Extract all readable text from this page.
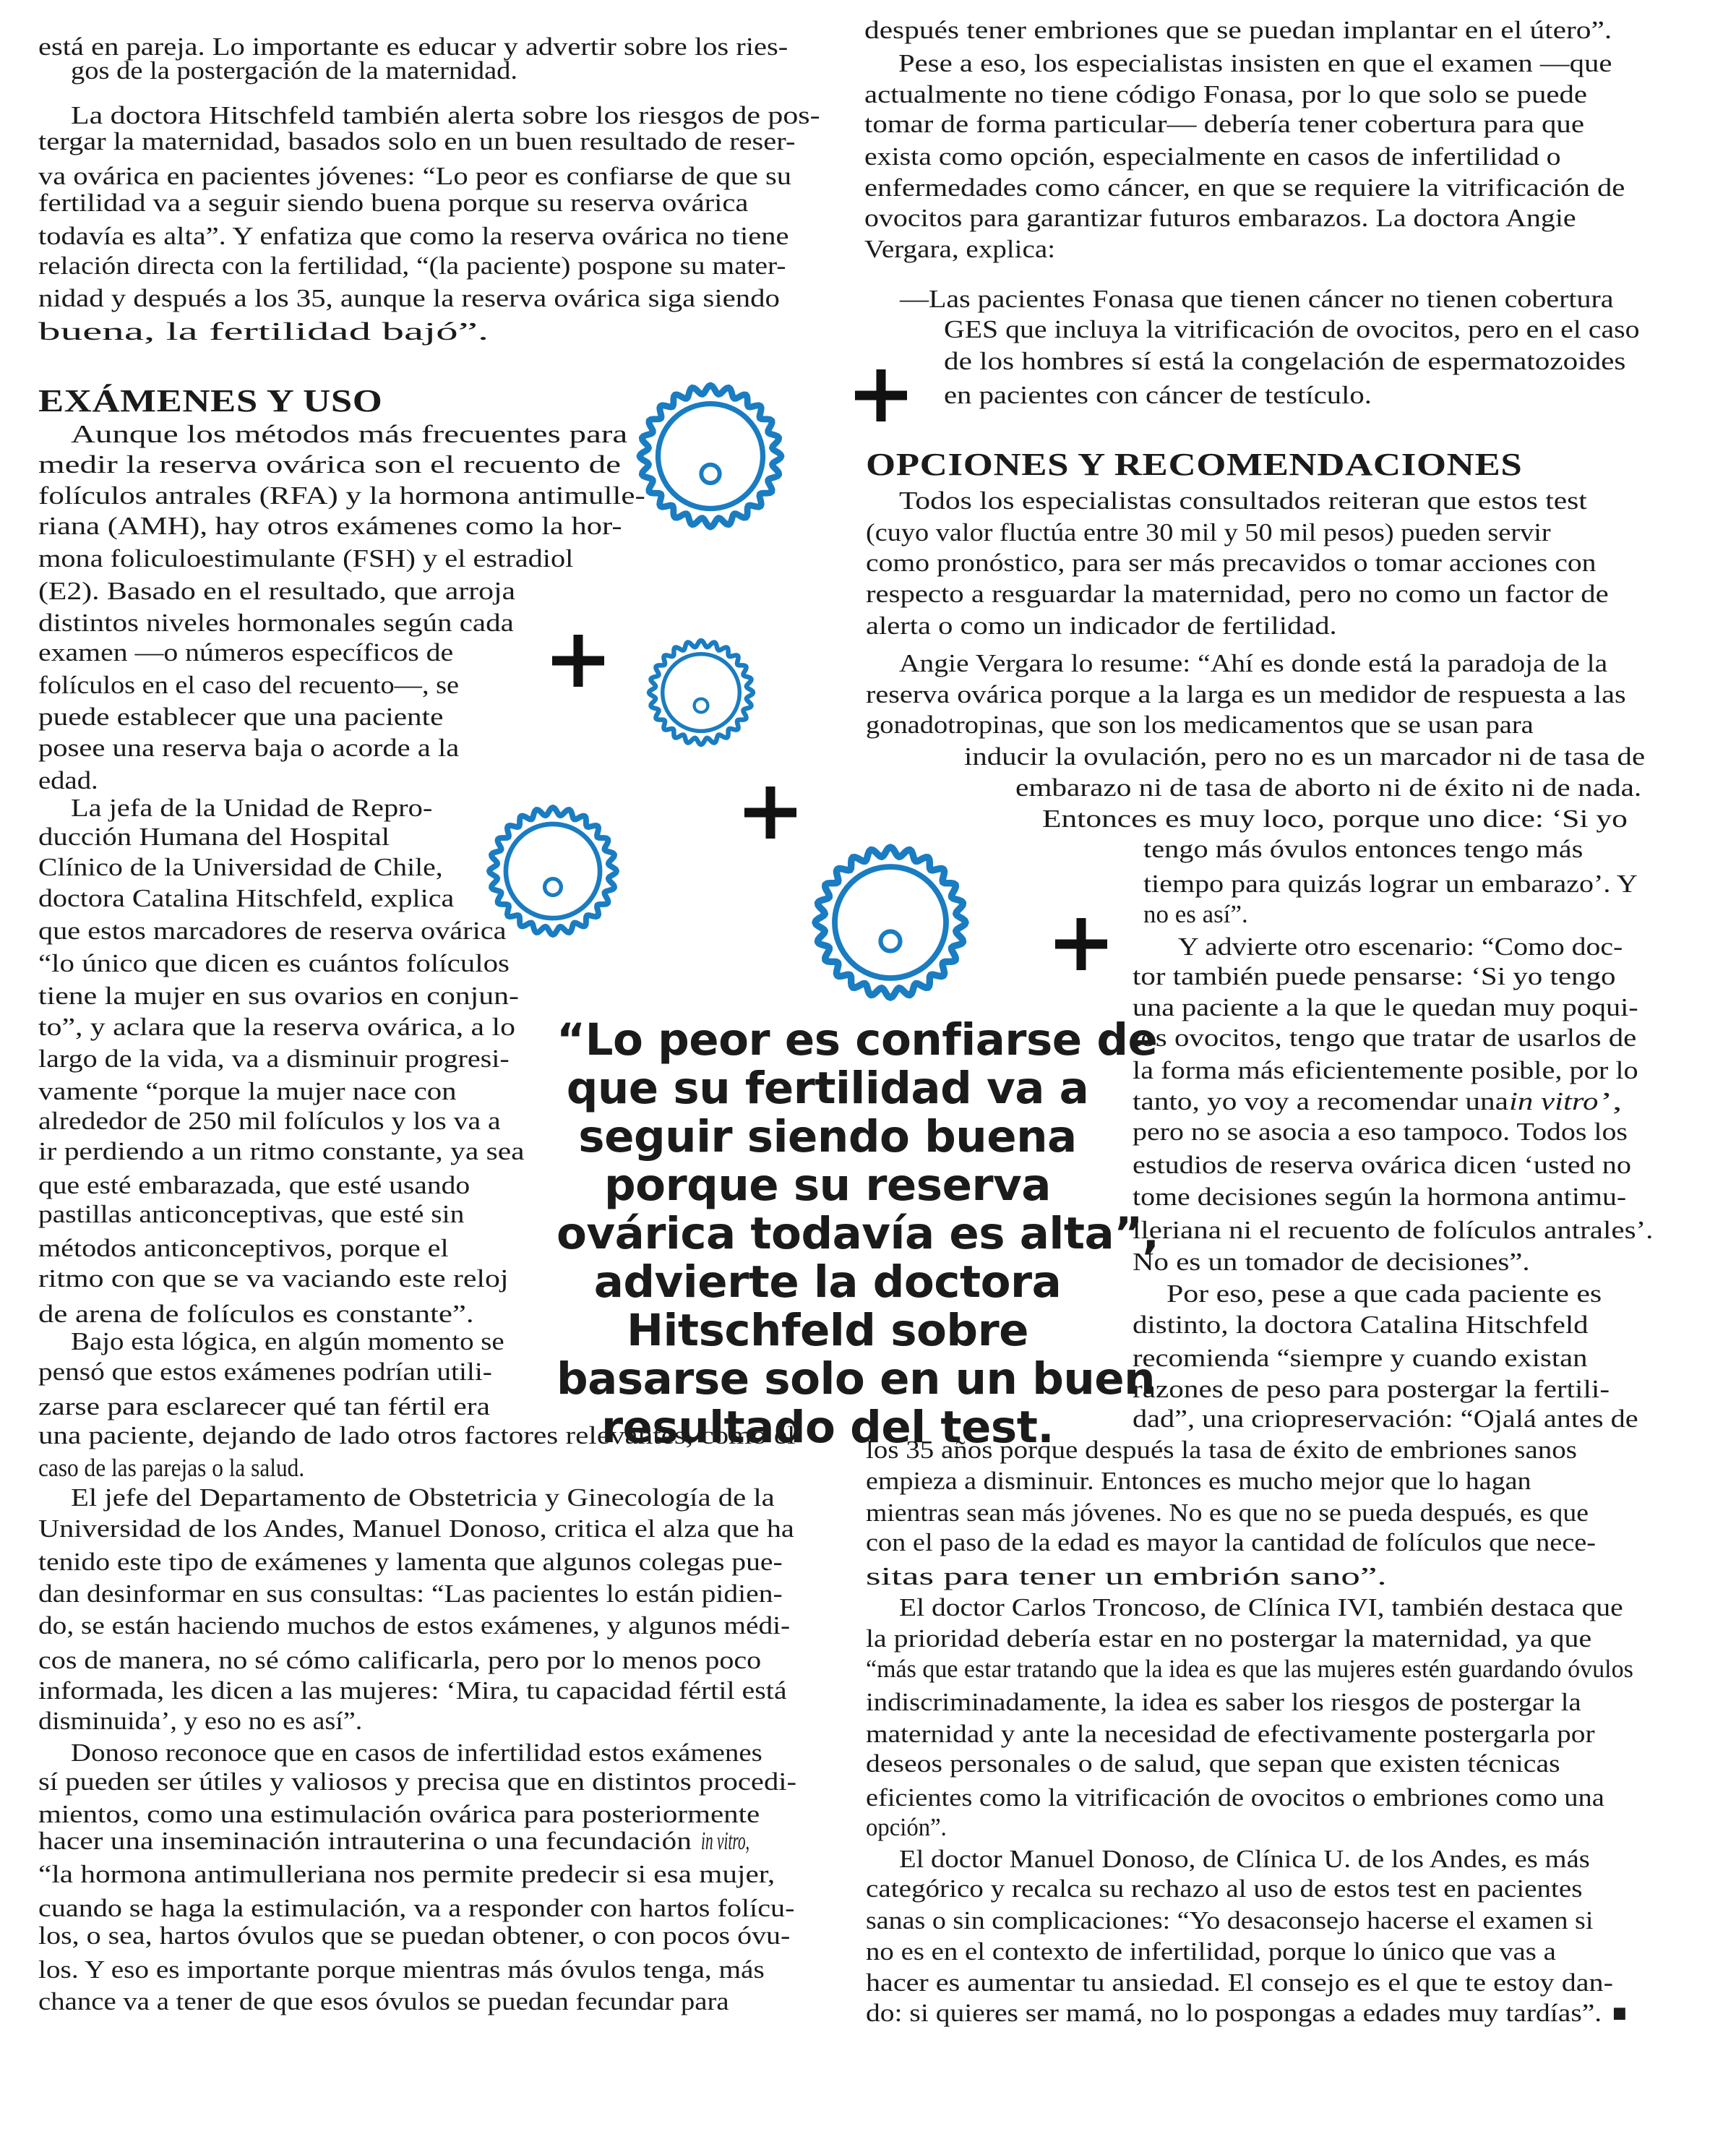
EXÁMENES Y USO
OPCIONES Y RECOMENDACIONES

está en pareja. Lo importante es educar y advertir sobre los ries-

gos de la postergación de la maternidad.

La doctora Hitschfeld también alerta sobre los riesgos de pos-

tergar la maternidad, basados solo en un buen resultado de reser-

va ovárica en pacientes jóvenes: “Lo peor es confiarse de que su

fertilidad va a seguir siendo buena porque su reserva ovárica

todavía es alta”. Y enfatiza que como la reserva ovárica no tiene

relación directa con la fertilidad, “(la paciente) pospone su mater-

nidad y después a los 35, aunque la reserva ovárica siga siendo

buena, la fertilidad bajó”.

Aunque los métodos más frecuentes para

medir la reserva ovárica son el recuento de

folículos antrales (RFA) y la hormona antimulle-

riana (AMH), hay otros exámenes como la hor-

mona foliculoestimulante (FSH) y el estradiol

(E2). Basado en el resultado, que arroja

distintos niveles hormonales según cada

examen —o números específicos de

folículos en el caso del recuento—, se

puede establecer que una paciente

posee una reserva baja o acorde a la

edad.

La jefa de la Unidad de Repro-

ducción Humana del Hospital

Clínico de la Universidad de Chile,

doctora Catalina Hitschfeld, explica

que estos marcadores de reserva ovárica

“lo único que dicen es cuántos folículos

tiene la mujer en sus ovarios en conjun-

to”, y aclara que la reserva ovárica, a lo

largo de la vida, va a disminuir progresi-

vamente “porque la mujer nace con

alrededor de 250 mil folículos y los va a

ir perdiendo a un ritmo constante, ya sea

que esté embarazada, que esté usando

pastillas anticonceptivas, que esté sin

métodos anticonceptivos, porque el

ritmo con que se va vaciando este reloj

de arena de folículos es constante”.

Bajo esta lógica, en algún momento se

pensó que estos exámenes podrían utili-

zarse para esclarecer qué tan fértil era

una paciente, dejando de lado otros factores relevantes, como el

caso de las parejas o la salud.

El jefe del Departamento de Obstetricia y Ginecología de la

Universidad de los Andes, Manuel Donoso, critica el alza que ha

tenido este tipo de exámenes y lamenta que algunos colegas pue-

dan desinformar en sus consultas: “Las pacientes lo están pidien-

do, se están haciendo muchos de estos exámenes, y algunos médi-

cos de manera, no sé cómo calificarla, pero por lo menos poco

informada, les dicen a las mujeres: ‘Mira, tu capacidad fértil está

disminuida’, y eso no es así”.

Donoso reconoce que en casos de infertilidad estos exámenes

sí pueden ser útiles y valiosos y precisa que en distintos procedi-

mientos, como una estimulación ovárica para posteriormente

hacer una inseminación intrauterina o una fecundación in vitro,

“la hormona antimulleriana nos permite predecir si esa mujer,

cuando se haga la estimulación, va a responder con hartos folícu-

los, o sea, hartos óvulos que se puedan obtener, o con pocos óvu-

los. Y eso es importante porque mientras más óvulos tenga, más

chance va a tener de que esos óvulos se puedan fecundar para

después tener embriones que se puedan implantar en el útero”.

Pese a eso, los especialistas insisten en que el examen —que

actualmente no tiene código Fonasa, por lo que solo se puede

tomar de forma particular— debería tener cobertura para que

exista como opción, especialmente en casos de infertilidad o

enfermedades como cáncer, en que se requiere la vitrificación de

ovocitos para garantizar futuros embarazos. La doctora Angie

Vergara, explica:

—Las pacientes Fonasa que tienen cáncer no tienen cobertura

GES que incluya la vitrificación de ovocitos, pero en el caso

de los hombres sí está la congelación de espermatozoides

en pacientes con cáncer de testículo.

Todos los especialistas consultados reiteran que estos test

(cuyo valor fluctúa entre 30 mil y 50 mil pesos) pueden servir

como pronóstico, para ser más precavidos o tomar acciones con

respecto a resguardar la maternidad, pero no como un factor de

alerta o como un indicador de fertilidad.

Angie Vergara lo resume: “Ahí es donde está la paradoja de la

reserva ovárica porque a la larga es un medidor de respuesta a las

gonadotropinas, que son los medicamentos que se usan para

inducir la ovulación, pero no es un marcador ni de tasa de

embarazo ni de tasa de aborto ni de éxito ni de nada.

Entonces es muy loco, porque uno dice: ‘Si yo

tengo más óvulos entonces tengo más

tiempo para quizás lograr un embarazo’. Y

no es así”.

Y advierte otro escenario: “Como doc-

tor también puede pensarse: ‘Si yo tengo

una paciente a la que le quedan muy poqui-

tos ovocitos, tengo que tratar de usarlos de

la forma más eficientemente posible, por lo

tanto, yo voy a recomendar una in vitro ’,

pero no se asocia a eso tampoco. Todos los

estudios de reserva ovárica dicen ‘usted no

tome decisiones según la hormona antimu-

lleriana ni el recuento de folículos antrales’.

No es un tomador de decisiones”.

Por eso, pese a que cada paciente es

distinto, la doctora Catalina Hitschfeld

recomienda “siempre y cuando existan

razones de peso para postergar la fertili-

dad”, una criopreservación: “Ojalá antes de

los 35 años porque después la tasa de éxito de embriones sanos

empieza a disminuir. Entonces es mucho mejor que lo hagan

mientras sean más jóvenes. No es que no se pueda después, es que

con el paso de la edad es mayor la cantidad de folículos que nece-

sitas para tener un embrión sano”.

El doctor Carlos Troncoso, de Clínica IVI, también destaca que

la prioridad debería estar en no postergar la maternidad, ya que

“más que estar tratando que la idea es que las mujeres estén guardando óvulos

indiscriminadamente, la idea es saber los riesgos de postergar la

maternidad y ante la necesidad de efectivamente postergarla por

deseos personales o de salud, que sepan que existen técnicas

eficientes como la vitrificación de ovocitos o embriones como una

opción”.

El doctor Manuel Donoso, de Clínica U. de los Andes, es más

categórico y recalca su rechazo al uso de estos test en pacientes

sanas o sin complicaciones: “Yo desaconsejo hacerse el examen si

no es en el contexto de infertilidad, porque lo único que vas a

hacer es aumentar tu ansiedad. El consejo es el que te estoy dan-

do: si quieres ser mamá, no lo pospongas a edades muy tardías”. ■

“Lo peor es confiarse de
que su fertilidad va a
seguir siendo buena
porque su reserva
ovárica todavía es alta”,
advierte la doctora
Hitschfeld sobre
basarse solo en un buen
resultado del test.
